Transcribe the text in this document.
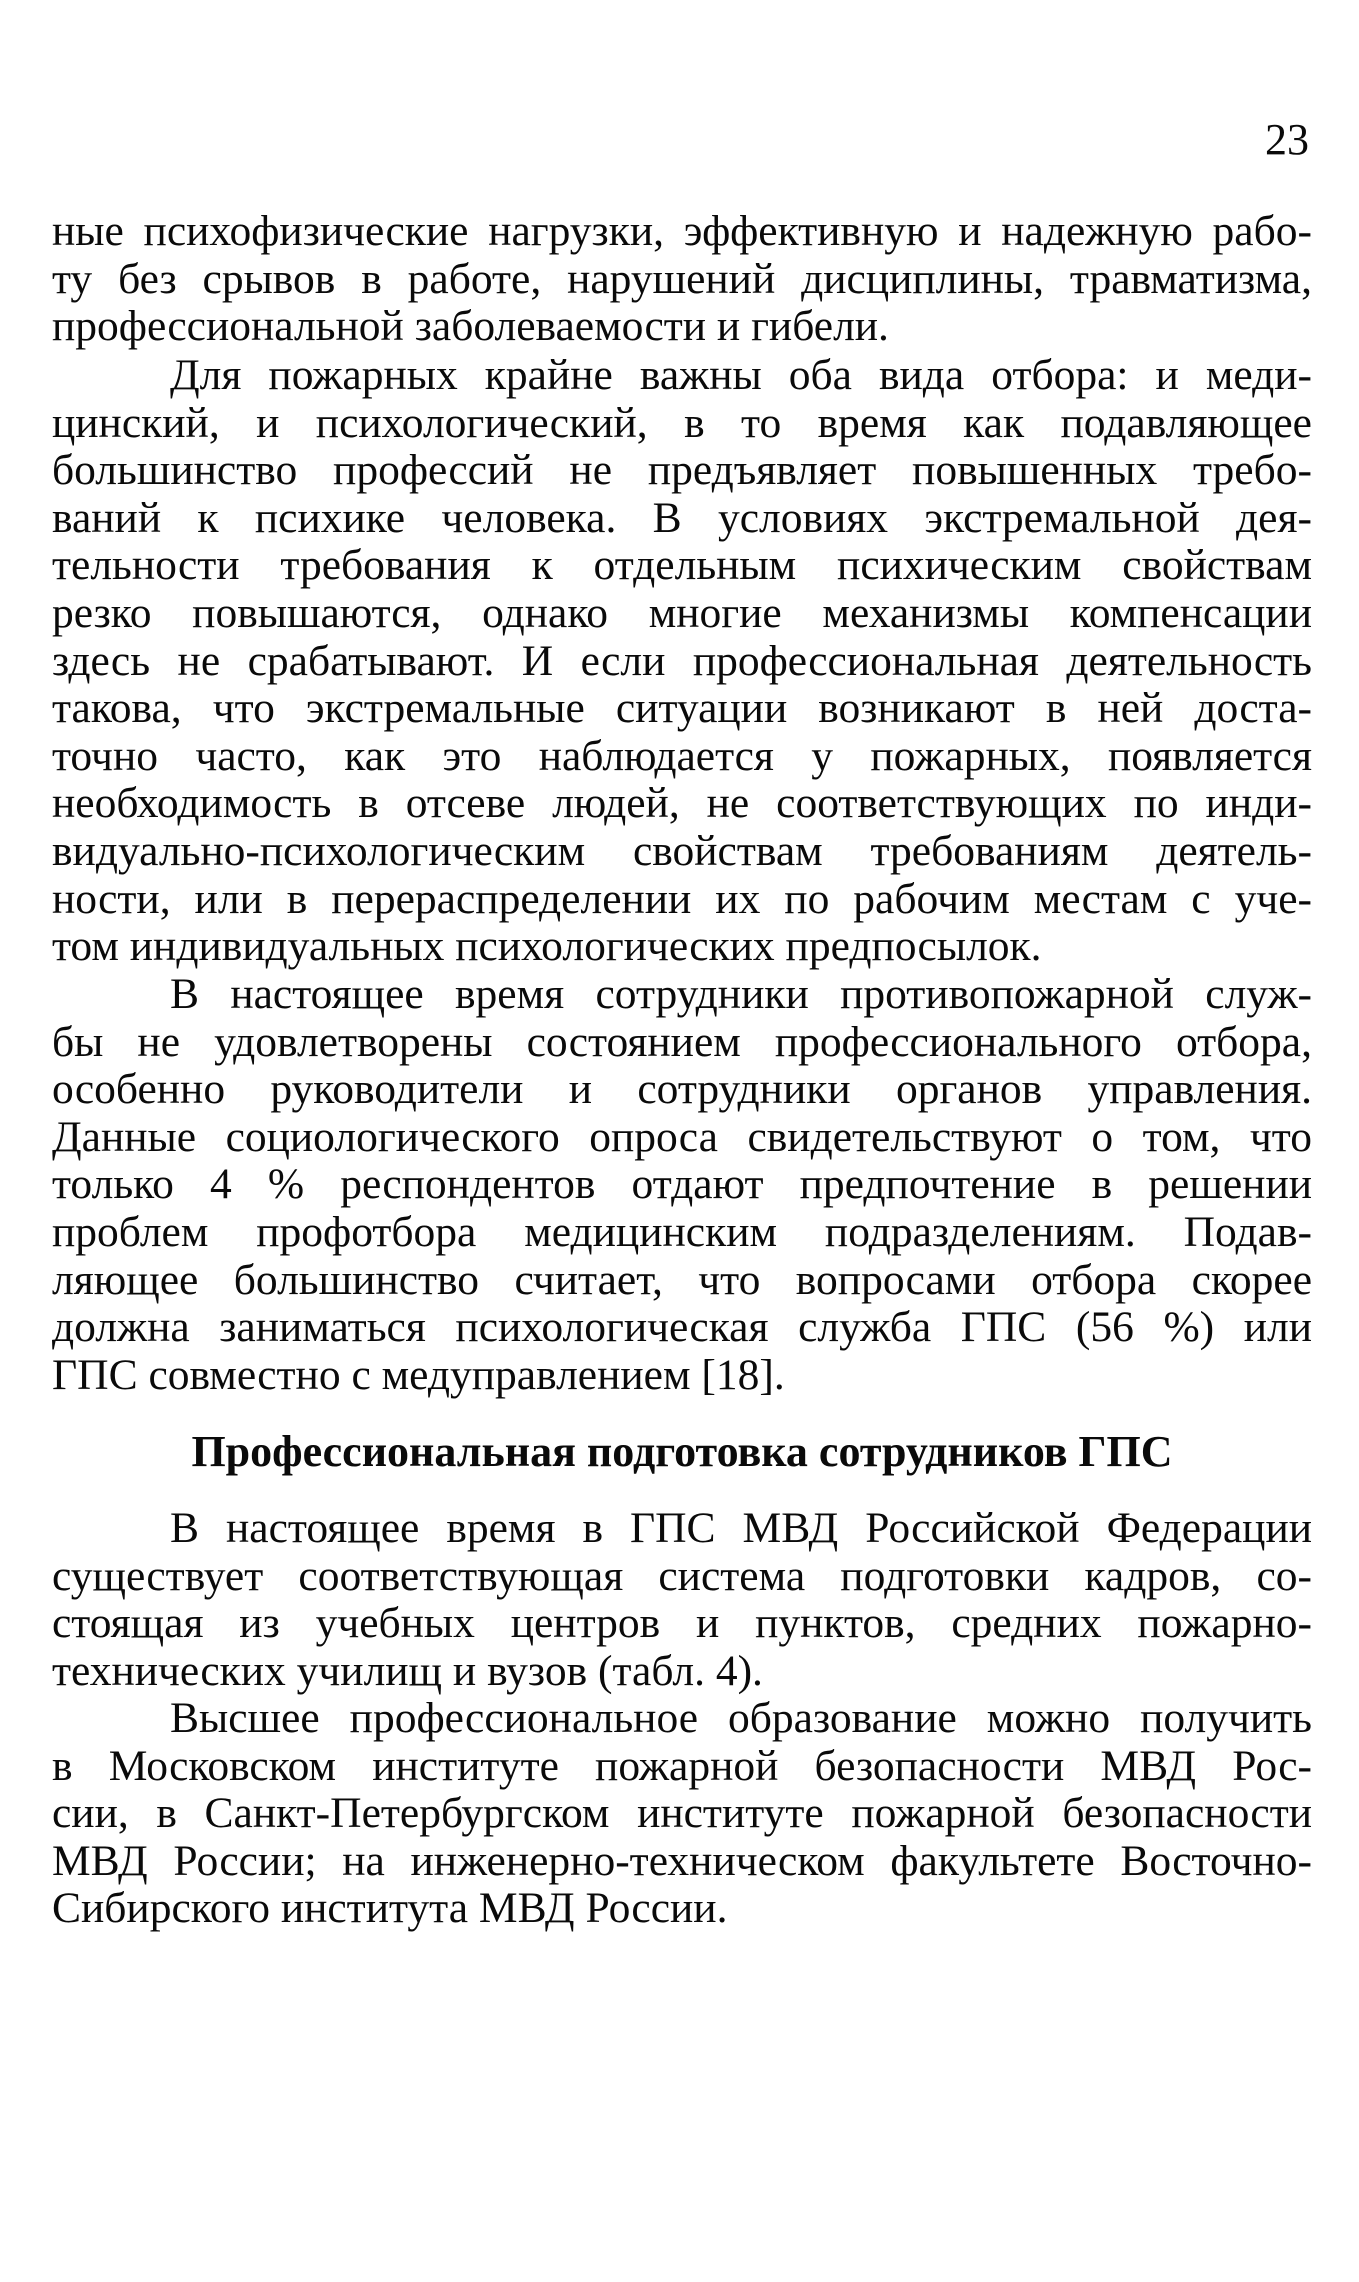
23
ные психофизические нагрузки, эффективную и надежную рабо-
ту без срывов в работе, нарушений дисциплины, травматизма,
профессиональной заболеваемости и гибели.
Для пожарных крайне важны оба вида отбора: и меди-
цинский, и психологический, в то время как подавляющее
большинство профессий не предъявляет повышенных требо-
ваний к психике человека. В условиях экстремальной дея-
тельности требования к отдельным психическим свойствам
резко повышаются, однако многие механизмы компенсации
здесь не срабатывают. И если профессиональная деятельность
такова, что экстремальные ситуации возникают в ней доста-
точно часто, как это наблюдается у пожарных, появляется
необходимость в отсеве людей, не соответствующих по инди-
видуально-психологическим свойствам требованиям деятель-
ности, или в перераспределении их по рабочим местам с уче-
том индивидуальных психологических предпосылок.
В настоящее время сотрудники противопожарной служ-
бы не удовлетворены состоянием профессионального отбора,
особенно руководители и сотрудники органов управления.
Данные социологического опроса свидетельствуют о том, что
только 4 % респондентов отдают предпочтение в решении
проблем профотбора медицинским подразделениям. Подав-
ляющее большинство считает, что вопросами отбора скорее
должна заниматься психологическая служба ГПС (56 %) или
ГПС совместно с медуправлением [18].
Профессиональная подготовка сотрудников ГПС
В настоящее время в ГПС МВД Российской Федерации
существует соответствующая система подготовки кадров, со-
стоящая из учебных центров и пунктов, средних пожарно-
технических училищ и вузов (табл. 4).
Высшее профессиональное образование можно получить
в Московском институте пожарной безопасности МВД Рос-
сии, в Санкт-Петербургском институте пожарной безопасности
МВД России; на инженерно-техническом факультете Восточно-
Сибирского института МВД России.
